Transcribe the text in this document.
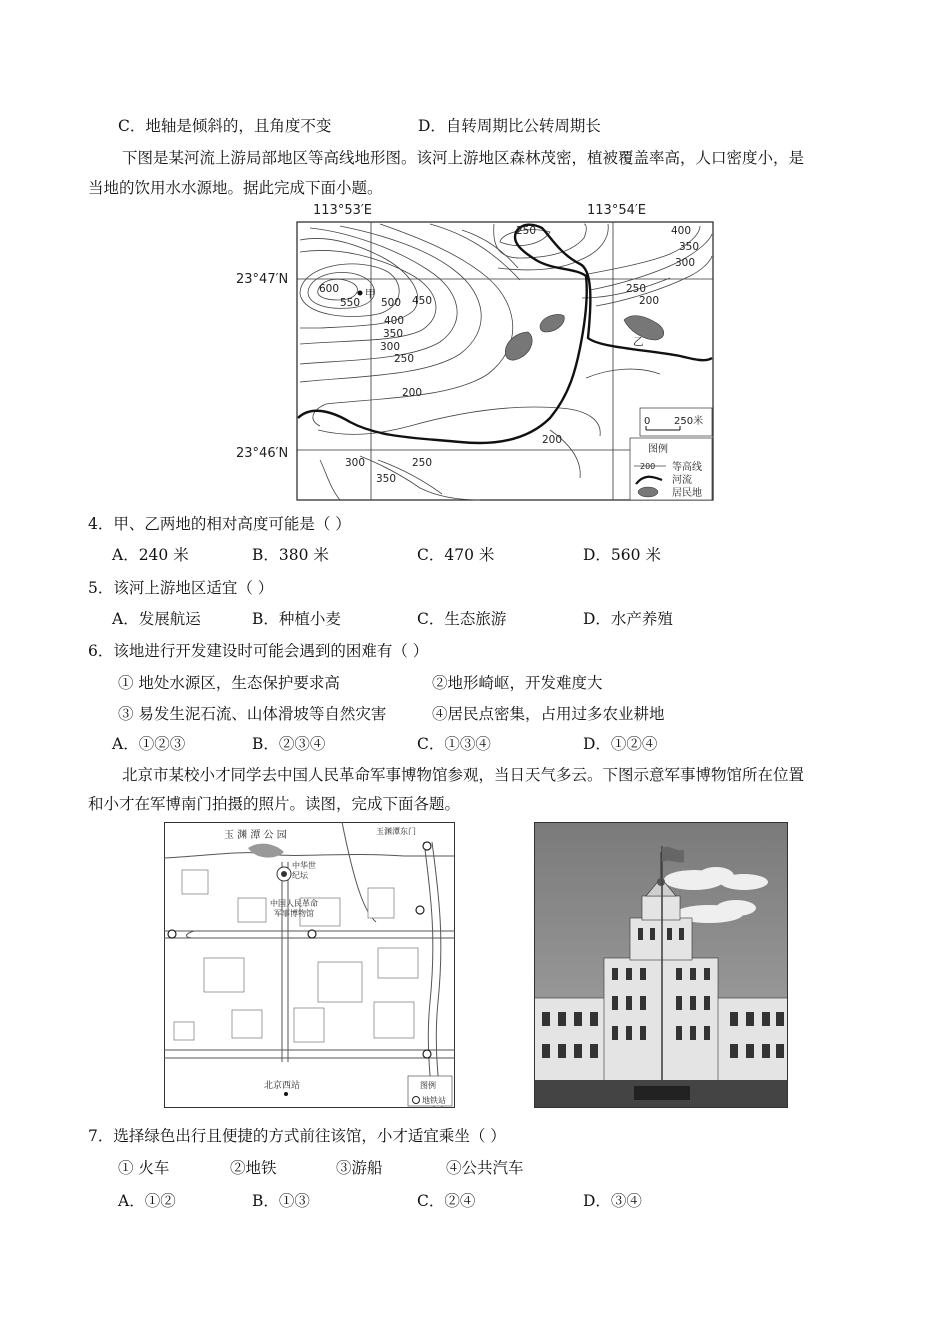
C．地轴是倾斜的，且角度不变	D．自转周期比公转周期长
下图是某河流上游局部地区等高线地形图。该河上游地区森林茂密，植被覆盖率高，人口密度小，是
当地的饮用水水源地。据此完成下面小题。
113°53′E	113°54′E
23°47′N
23°46′N
甲
乙
600
550 500 450
400
350
300
250
200
250	400
350
300
250
200
200
300	250
350
0 250米
图例
200 等高线
河流
居民地
4．甲、乙两地的相对高度可能是（ ）
A．240 米	B．380 米	C．470 米	D．560 米
5．该河上游地区适宜（ ）
A．发展航运	B．种植小麦	C．生态旅游	D．水产养殖
6．该地进行开发建设时可能会遇到的困难有（ ）
① 地处水源区，生态保护要求高	②地形崎岖，开发难度大
③ 易发生泥石流、山体滑坡等自然灾害	④居民点密集，占用过多农业耕地
A．①②③	B．②③④	C．①③④	D．①②④
北京市某校小才同学去中国人民革命军事博物馆参观，当日天气多云。下图示意军事博物馆所在位置
和小才在军博南门拍摄的照片。读图，完成下面各题。
玉 渊 潭 公 园	玉渊潭东门
中华世
纪坛
中国人民革命
军事博物馆
北京西站	图例
地铁站
7．选择绿色出行且便捷的方式前往该馆，小才适宜乘坐（ ）
① 火车	②地铁	③游船	④公共汽车
A．①②	B．①③	C．②④	D．③④
